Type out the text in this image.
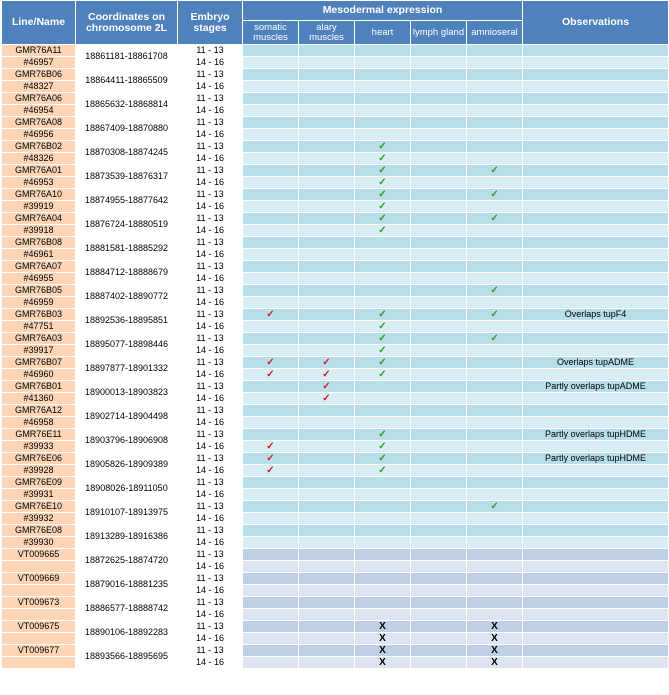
Line/Name	Coordinates on chromosome 2L	Embryo stages	Mesodermal expression					Observations
			somatic muscles	alary muscles	heart	lymph gland	amnioseral	
GMR76A11	18861181-18861708	11 - 13						
#46957		14 - 16						
GMR76B06	18864411-18865509	11 - 13						
#48327		14 - 16						
GMR76A06	18865632-18868814	11 - 13						
#46954		14 - 16						
GMR76A08	18867409-18870880	11 - 13						
#46956		14 - 16						
GMR76B02	18870308-18874245	11 - 13			✓			
#48326		14 - 16			✓			
GMR76A01	18873539-18876317	11 - 13			✓		✓	
#46953		14 - 16			✓			
GMR76A10	18874955-18877642	11 - 13			✓		✓	
#39919		14 - 16			✓			
GMR76A04	18876724-18880519	11 - 13			✓		✓	
#39918		14 - 16			✓			
GMR76B08	18881581-18885292	11 - 13						
#46961		14 - 16						
GMR76A07	18884712-18888679	11 - 13						
#46955		14 - 16						
GMR76B05	18887402-18890772	11 - 13					✓	
#46959		14 - 16						
GMR76B03	18892536-18895851	11 - 13	✓		✓		✓	Overlaps tupF4
#47751		14 - 16			✓			
GMR76A03	18895077-18898446	11 - 13			✓		✓	
#39917		14 - 16			✓			
GMR76B07	18897877-18901332	11 - 13	✓	✓	✓			Overlaps tupADME
#46960		14 - 16	✓	✓	✓			
GMR76B01	18900013-18903823	11 - 13		✓				Partly overlaps tupADME
#41360		14 - 16		✓				
GMR76A12	18902714-18904498	11 - 13						
#46958		14 - 16						
GMR76E11	18903796-18906908	11 - 13			✓			Partly overlaps tupHDME
#39933		14 - 16	✓		✓			
GMR76E06	18905826-18909389	11 - 13	✓		✓			Partly overlaps tupHDME
#39928		14 - 16	✓		✓			
GMR76E09	18908026-18911050	11 - 13						
#39931		14 - 16						
GMR76E10	18910107-18913975	11 - 13					✓	
#39932		14 - 16						
GMR76E08	18913289-18916386	11 - 13						
#39930		14 - 16						
VT009665	18872625-18874720	11 - 13						
		14 - 16						
VT009669	18879016-18881235	11 - 13						
		14 - 16						
VT009673	18886577-18888742	11 - 13						
		14 - 16						
VT009675	18890106-18892283	11 - 13			X		X	
		14 - 16			X		X	
VT009677	18893566-18895695	11 - 13			X		X	
		14 - 16			X		X	
